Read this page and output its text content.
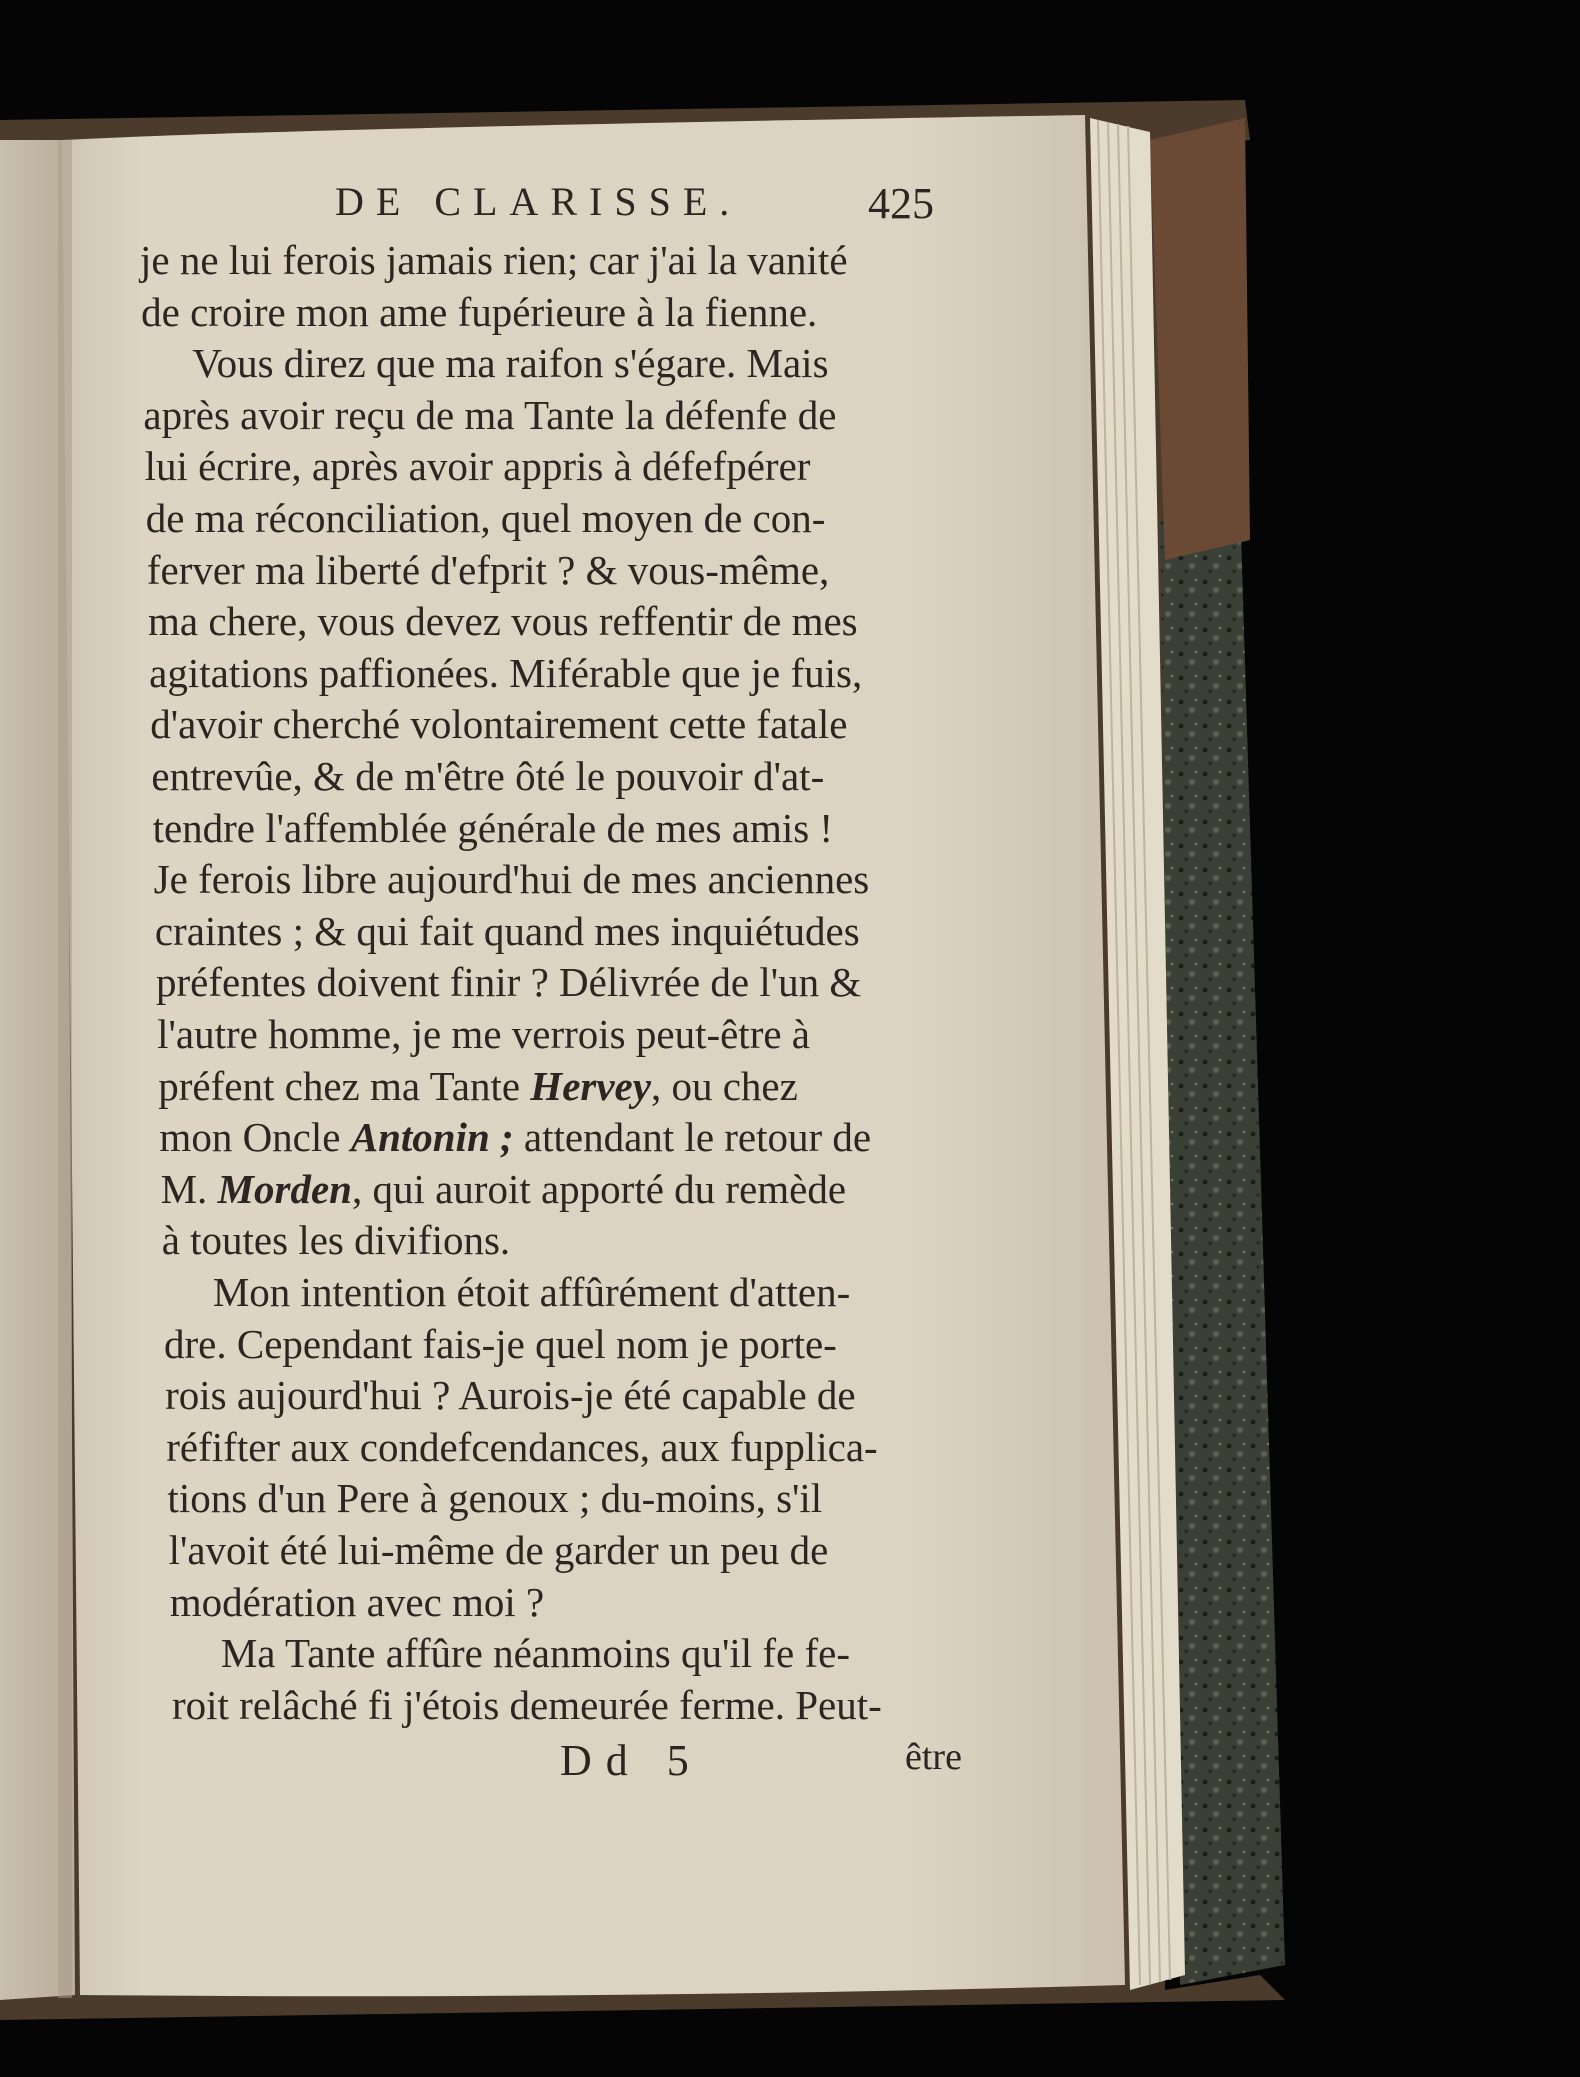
DE CLARISSE.	425
je ne lui ferois jamais rien; car j'ai la vanité
de croire mon ame fupérieure à la fienne.
Vous direz que ma raifon s'égare. Mais
après avoir reçu de ma Tante la défenfe de
lui écrire, après avoir appris à défefpérer
de ma réconciliation, quel moyen de con-
ferver ma liberté d'efprit ? & vous-même,
ma chere, vous devez vous reffentir de mes
agitations paffionées. Miférable que je fuis,
d'avoir cherché volontairement cette fatale
entrevûe, & de m'être ôté le pouvoir d'at-
tendre l'affemblée générale de mes amis !
Je ferois libre aujourd'hui de mes anciennes
craintes ; & qui fait quand mes inquiétudes
préfentes doivent finir ? Délivrée de l'un &
l'autre homme, je me verrois peut-être à
préfent chez ma Tante Hervey, ou chez
mon Oncle Antonin ; attendant le retour de
M. Morden, qui auroit apporté du remède
à toutes les divifions.
Mon intention étoit affûrément d'atten-
dre. Cependant fais-je quel nom je porte-
rois aujourd'hui ? Aurois-je été capable de
réfifter aux condefcendances, aux fupplica-
tions d'un Pere à genoux ; du-moins, s'il
l'avoit été lui-même de garder un peu de
modération avec moi ?
Ma Tante affûre néanmoins qu'il fe fe-
roit relâché fi j'étois demeurée ferme. Peut-
Dd 5	être
